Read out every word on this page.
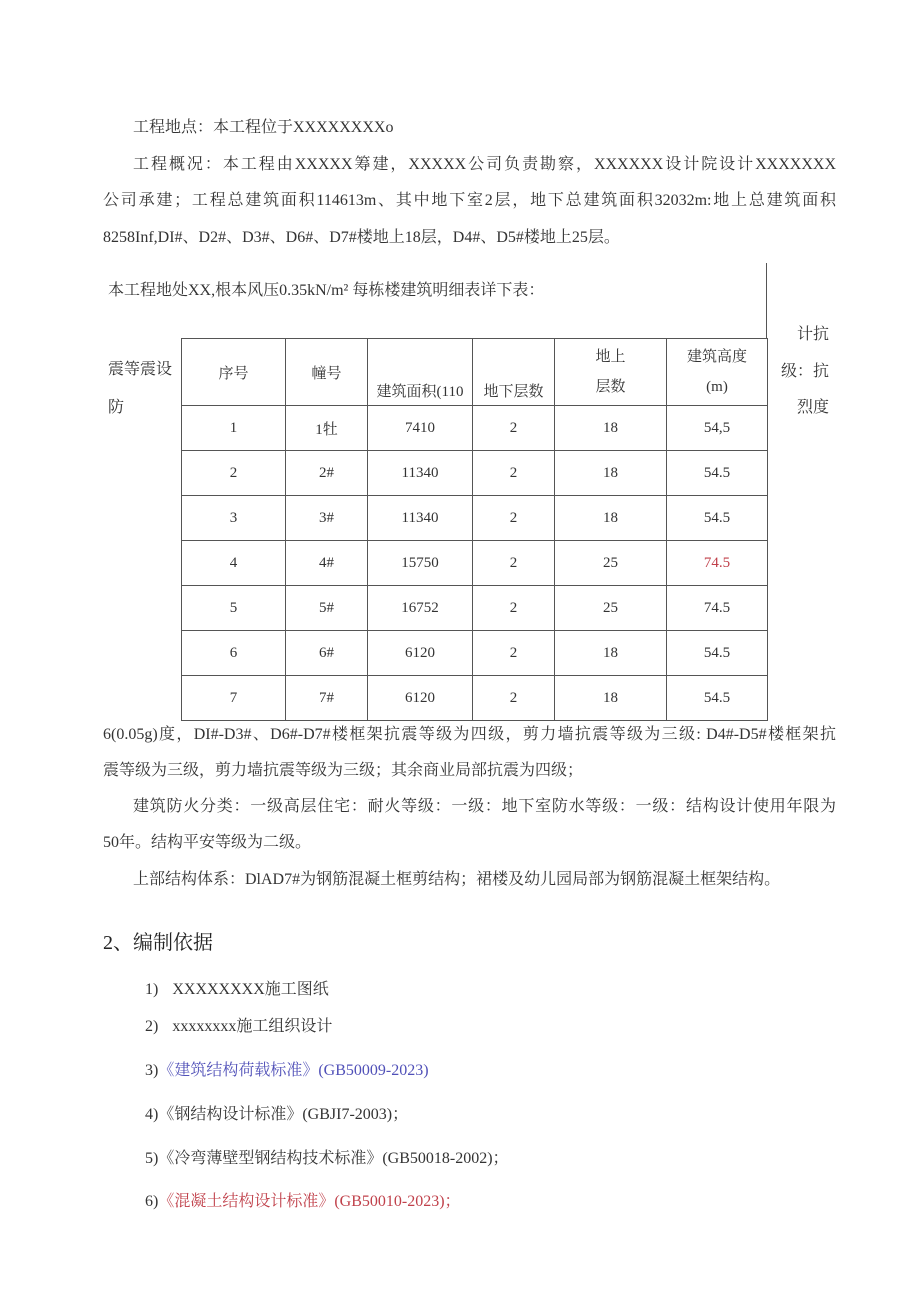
工程地点：本工程位于XXXXXXXXo
工程概况：本工程由XXXXX筹建，XXXXX公司负责勘察，XXXXXX设计院设计XXXXXXX
公司承建；工程总建筑面积114613m、其中地下室2层，地下总建筑面积32032m:地上总建筑面积
8258Inf,DI#、D2#、D3#、D6#、D7#楼地上18层，D4#、D5#楼地上25层。
本工程地处XX,根本风压0.35kN/m² 每栋楼建筑明细表详下表：
震等震设
防
计抗
级：抗
烈度
序号	幢号	建筑面积(110	地下层数	地上
层数	建筑高度
(m)
1	1牡	7410	2	18	54,5
2	2#	11340	2	18	54.5
3	3#	11340	2	18	54.5
4	4#	15750	2	25	74.5
5	5#	16752	2	25	74.5
6	6#	6120	2	18	54.5
7	7#	6120	2	18	54.5
6(0.05g)度，DI#-D3#、D6#-D7#楼框架抗震等级为四级，剪力墙抗震等级为三级: D4#-D5#楼框架抗
震等级为三级，剪力墙抗震等级为三级；其余商业局部抗震为四级；
建筑防火分类：一级高层住宅：耐火等级：一级：地下室防水等级：一级：结构设计使用年限为
50年。结构平安等级为二级。
上部结构体系：DlAD7#为钢筋混凝土框剪结构；裙楼及幼儿园局部为钢筋混凝土框架结构。
2、编制依据
1) XXXXXXXX施工图纸
2) xxxxxxxx施工组织设计
3)《建筑结构荷载标准》(GB50009-2023)
4)《钢结构设计标准》(GBJI7-2003)；
5)《冷弯薄壁型钢结构技术标准》(GB50018-2002)；
6)《混凝土结构设计标准》(GB50010-2023)；
